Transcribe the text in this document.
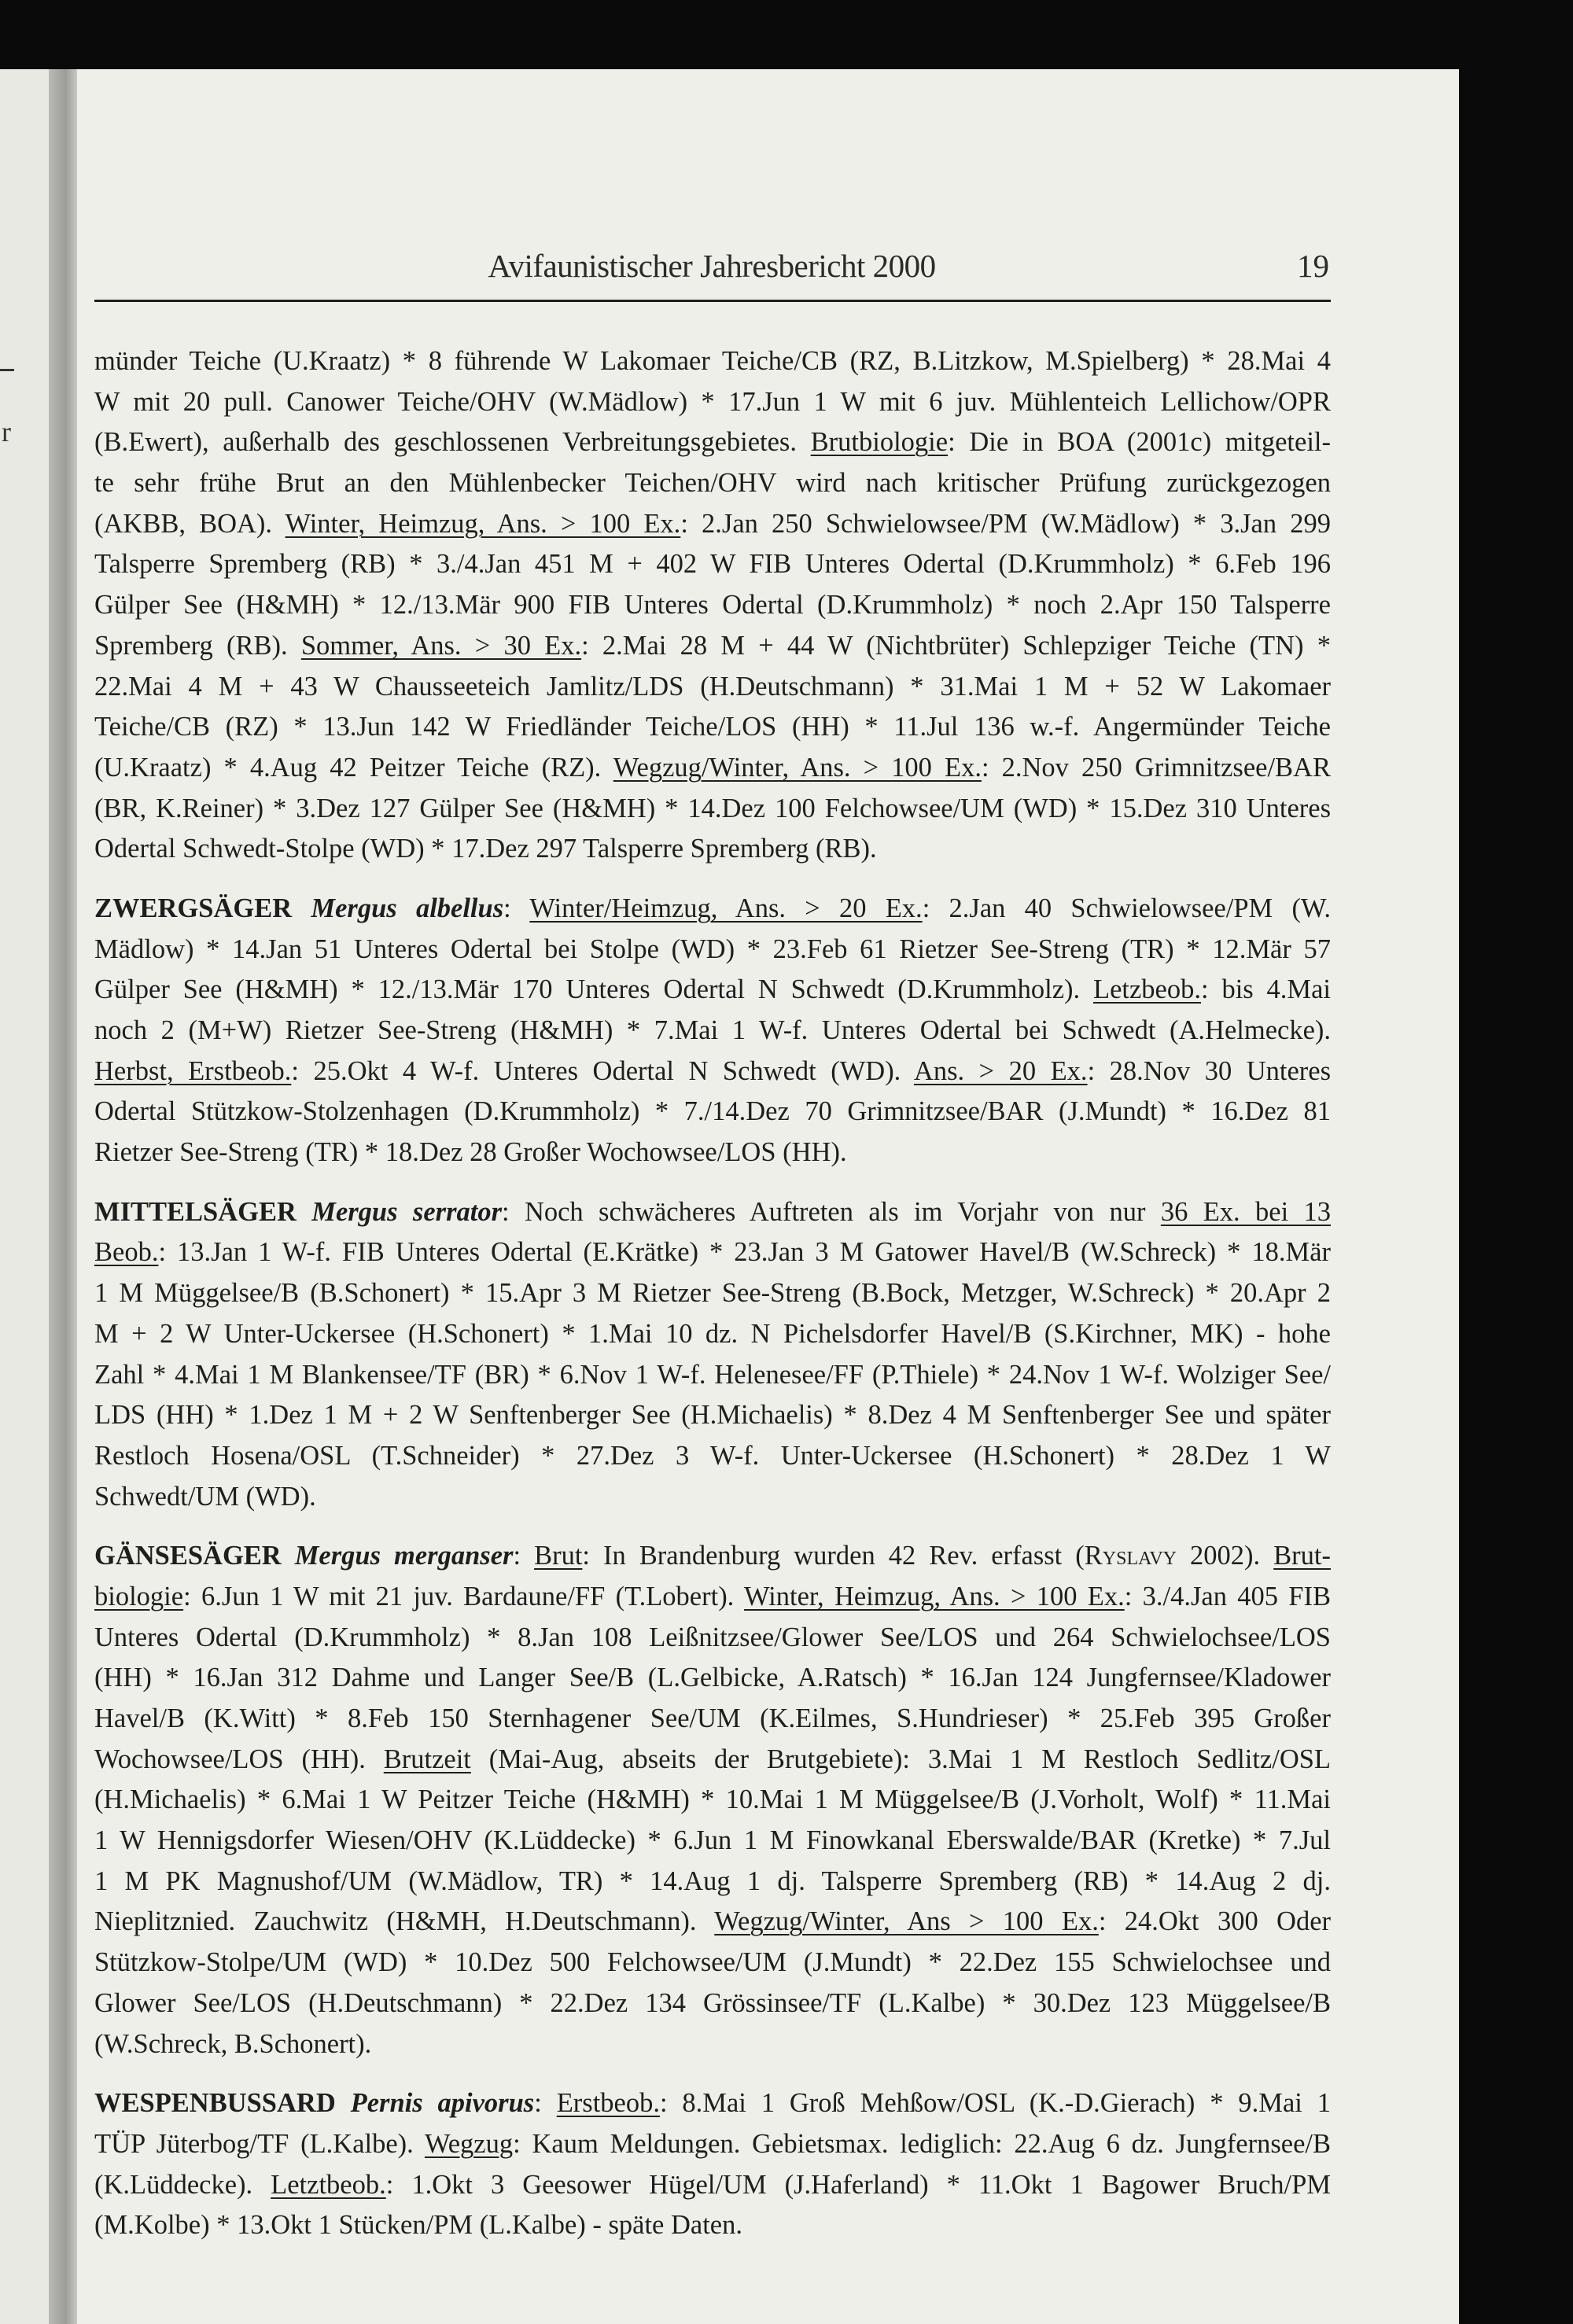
r
Avifaunistischer Jahresbericht 2000	19
münder Teiche (U.Kraatz) * 8 führende W Lakomaer Teiche/CB (RZ, B.Litzkow, M.Spielberg) * 28.Mai 4
W mit 20 pull. Canower Teiche/OHV (W.Mädlow) * 17.Jun 1 W mit 6 juv. Mühlenteich Lellichow/OPR
(B.Ewert), außerhalb des geschlossenen Verbreitungsgebietes. Brutbiologie: Die in BOA (2001c) mitgeteil-
te sehr frühe Brut an den Mühlenbecker Teichen/OHV wird nach kritischer Prüfung zurückgezogen
(AKBB, BOA). Winter, Heimzug, Ans. > 100 Ex.: 2.Jan 250 Schwielowsee/PM (W.Mädlow) * 3.Jan 299
Talsperre Spremberg (RB) * 3./4.Jan 451 M + 402 W FIB Unteres Odertal (D.Krummholz) * 6.Feb 196
Gülper See (H&MH) * 12./13.Mär 900 FIB Unteres Odertal (D.Krummholz) * noch 2.Apr 150 Talsperre
Spremberg (RB). Sommer, Ans. > 30 Ex.: 2.Mai 28 M + 44 W (Nichtbrüter) Schlepziger Teiche (TN) *
22.Mai 4 M + 43 W Chausseeteich Jamlitz/LDS (H.Deutschmann) * 31.Mai 1 M + 52 W Lakomaer
Teiche/CB (RZ) * 13.Jun 142 W Friedländer Teiche/LOS (HH) * 11.Jul 136 w.-f. Angermünder Teiche
(U.Kraatz) * 4.Aug 42 Peitzer Teiche (RZ). Wegzug/Winter, Ans. > 100 Ex.: 2.Nov 250 Grimnitzsee/BAR
(BR, K.Reiner) * 3.Dez 127 Gülper See (H&MH) * 14.Dez 100 Felchowsee/UM (WD) * 15.Dez 310 Unteres
Odertal Schwedt-Stolpe (WD) * 17.Dez 297 Talsperre Spremberg (RB).
ZWERGSÄGER Mergus albellus: Winter/Heimzug, Ans. > 20 Ex.: 2.Jan 40 Schwielowsee/PM (W.
Mädlow) * 14.Jan 51 Unteres Odertal bei Stolpe (WD) * 23.Feb 61 Rietzer See-Streng (TR) * 12.Mär 57
Gülper See (H&MH) * 12./13.Mär 170 Unteres Odertal N Schwedt (D.Krummholz). Letzbeob.: bis 4.Mai
noch 2 (M+W) Rietzer See-Streng (H&MH) * 7.Mai 1 W-f. Unteres Odertal bei Schwedt (A.Helmecke).
Herbst, Erstbeob.: 25.Okt 4 W-f. Unteres Odertal N Schwedt (WD). Ans. > 20 Ex.: 28.Nov 30 Unteres
Odertal Stützkow-Stolzenhagen (D.Krummholz) * 7./14.Dez 70 Grimnitzsee/BAR (J.Mundt) * 16.Dez 81
Rietzer See-Streng (TR) * 18.Dez 28 Großer Wochowsee/LOS (HH).
MITTELSÄGER Mergus serrator: Noch schwächeres Auftreten als im Vorjahr von nur 36 Ex. bei 13
Beob.: 13.Jan 1 W-f. FIB Unteres Odertal (E.Krätke) * 23.Jan 3 M Gatower Havel/B (W.Schreck) * 18.Mär
1 M Müggelsee/B (B.Schonert) * 15.Apr 3 M Rietzer See-Streng (B.Bock, Metzger, W.Schreck) * 20.Apr 2
M + 2 W Unter-Uckersee (H.Schonert) * 1.Mai 10 dz. N Pichelsdorfer Havel/B (S.Kirchner, MK) - hohe
Zahl * 4.Mai 1 M Blankensee/TF (BR) * 6.Nov 1 W-f. Helenesee/FF (P.Thiele) * 24.Nov 1 W-f. Wolziger See/
LDS (HH) * 1.Dez 1 M + 2 W Senftenberger See (H.Michaelis) * 8.Dez 4 M Senftenberger See und später
Restloch Hosena/OSL (T.Schneider) * 27.Dez 3 W-f. Unter-Uckersee (H.Schonert) * 28.Dez 1 W
Schwedt/UM (WD).
GÄNSESÄGER Mergus merganser: Brut: In Brandenburg wurden 42 Rev. erfasst (Ryslavy 2002). Brut-
biologie: 6.Jun 1 W mit 21 juv. Bardaune/FF (T.Lobert). Winter, Heimzug, Ans. > 100 Ex.: 3./4.Jan 405 FIB
Unteres Odertal (D.Krummholz) * 8.Jan 108 Leißnitzsee/Glower See/LOS und 264 Schwielochsee/LOS
(HH) * 16.Jan 312 Dahme und Langer See/B (L.Gelbicke, A.Ratsch) * 16.Jan 124 Jungfernsee/Kladower
Havel/B (K.Witt) * 8.Feb 150 Sternhagener See/UM (K.Eilmes, S.Hundrieser) * 25.Feb 395 Großer
Wochowsee/LOS (HH). Brutzeit (Mai-Aug, abseits der Brutgebiete): 3.Mai 1 M Restloch Sedlitz/OSL
(H.Michaelis) * 6.Mai 1 W Peitzer Teiche (H&MH) * 10.Mai 1 M Müggelsee/B (J.Vorholt, Wolf) * 11.Mai
1 W Hennigsdorfer Wiesen/OHV (K.Lüddecke) * 6.Jun 1 M Finowkanal Eberswalde/BAR (Kretke) * 7.Jul
1 M PK Magnushof/UM (W.Mädlow, TR) * 14.Aug 1 dj. Talsperre Spremberg (RB) * 14.Aug 2 dj.
Nieplitznied. Zauchwitz (H&MH, H.Deutschmann). Wegzug/Winter, Ans > 100 Ex.: 24.Okt 300 Oder
Stützkow-Stolpe/UM (WD) * 10.Dez 500 Felchowsee/UM (J.Mundt) * 22.Dez 155 Schwielochsee und
Glower See/LOS (H.Deutschmann) * 22.Dez 134 Grössinsee/TF (L.Kalbe) * 30.Dez 123 Müggelsee/B
(W.Schreck, B.Schonert).
WESPENBUSSARD Pernis apivorus: Erstbeob.: 8.Mai 1 Groß Mehßow/OSL (K.-D.Gierach) * 9.Mai 1
TÜP Jüterbog/TF (L.Kalbe). Wegzug: Kaum Meldungen. Gebietsmax. lediglich: 22.Aug 6 dz. Jungfernsee/B
(K.Lüddecke). Letztbeob.: 1.Okt 3 Geesower Hügel/UM (J.Haferland) * 11.Okt 1 Bagower Bruch/PM
(M.Kolbe) * 13.Okt 1 Stücken/PM (L.Kalbe) - späte Daten.
